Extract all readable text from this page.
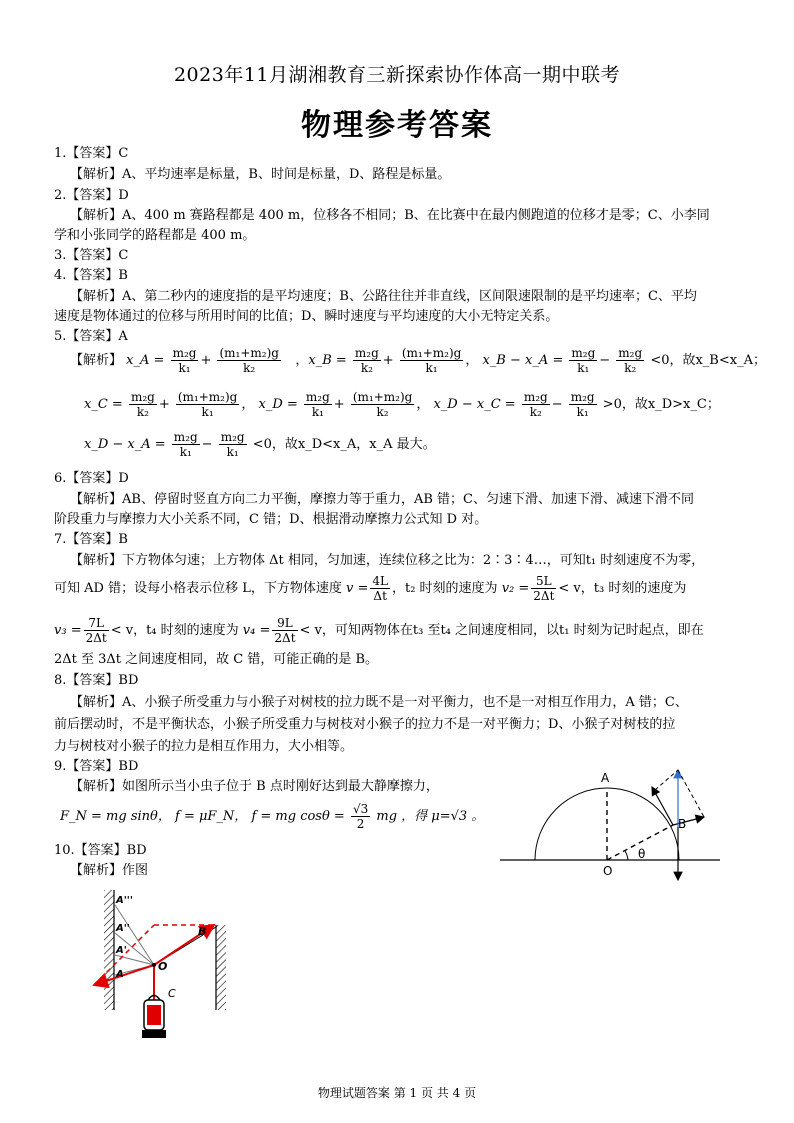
2023年11月湖湘教育三新探索协作体高一期中联考
物理参考答案
1.【答案】C
【解析】A、平均速率是标量，B、时间是标量，D、路程是标量。
2.【答案】D
【解析】A、400 m 赛路程都是 400 m，位移各不相同；B、在比赛中在最内侧跑道的位移才是零；C、小李同
学和小张同学的路程都是 400 m。
3.【答案】C
4.【答案】B
【解析】A、第二秒内的速度指的是平均速度；B、公路往往并非直线，区间限速限制的是平均速率；C、平均
速度是物体通过的位移与所用时间的比值；D、瞬时速度与平均速度的大小无特定关系。
5.【答案】A
【解析】 x_A = $\frac{\text{m₂g}}{\text{k₁}} + \frac{\text{(m₁+m₂)g}}{\text{k₂}}$ ，x_B = $\frac{\text{m₂g}}{\text{k₂}} + \frac{\text{(m₁+m₂)g}}{\text{k₁}}$ ， x_B − x_A = $\frac{\text{m₂g}}{\text{k₁}} - \frac{\text{m₂g}}{\text{k₂}} <0$，故x_B<x_A；
x_C = $\frac{\text{m₂g}}{\text{k₂}} + \frac{\text{(m₁+m₂)g}}{\text{k₁}}$ ， x_D = $\frac{\text{m₂g}}{\text{k₁}} + \frac{\text{(m₁+m₂)g}}{\text{k₂}}$ ， x_D − x_C = $\frac{\text{m₂g}}{\text{k₂}} - \frac{\text{m₂g}}{\text{k₁}} >0$，故x_D>x_C；
x_D − x_A = $\frac{\text{m₂g}}{\text{k₁}} - \frac{\text{m₂g}}{\text{k₁}} <0$，故x_D<x_A，x_A 最大。
6.【答案】D
【解析】AB、停留时竖直方向二力平衡，摩擦力等于重力，AB 错；C、匀速下滑、加速下滑、减速下滑不同
阶段重力与摩擦力大小关系不同，C 错；D、根据滑动摩擦力公式知 D 对。
7.【答案】B
【解析】下方物体匀速；上方物体 Δt 相同，匀加速，连续位移之比为：2∶3∶4…，可知t₁ 时刻速度不为零，
可知 AD 错；设每小格表示位移 L，下方物体速度 $v = \frac{4L}{\Delta t}$ ，t₂ 时刻的速度为 $v_2 = \frac{5L}{2\Delta t} < v$，t₃ 时刻的速度为
$v_3 = \frac{7L}{2\Delta t} < v$，t₄ 时刻的速度为 $v_4 = \frac{9L}{2\Delta t} < v$，可知两物体在t₃ 至t₄ 之间速度相同，以t₁ 时刻为记时起点，即在
2Δt 至 3Δt 之间速度相同，故 C 错，可能正确的是 B。
8.【答案】BD
【解析】A、小猴子所受重力与小猴子对树枝的拉力既不是一对平衡力，也不是一对相互作用力，A 错；C、
前后摆动时，不是平衡状态，小猴子所受重力与树枝对小猴子的拉力不是一对平衡力；D、小猴子对树枝的拉
力与树枝对小猴子的拉力是相互作用力，大小相等。
9.【答案】BD
【解析】如图所示当小虫子位于 B 点时刚好达到最大静摩擦力，
F_N = mg sinθ， f = μF_N， f = mg $\cos\theta = \frac{√3}{2}$ mg ，得 μ=√3 。
A
B
O
θ
10.【答案】BD
【解析】作图
A'''
A''
A'
A
O
B
C
物理试题答案 第 1 页 共 4 页
